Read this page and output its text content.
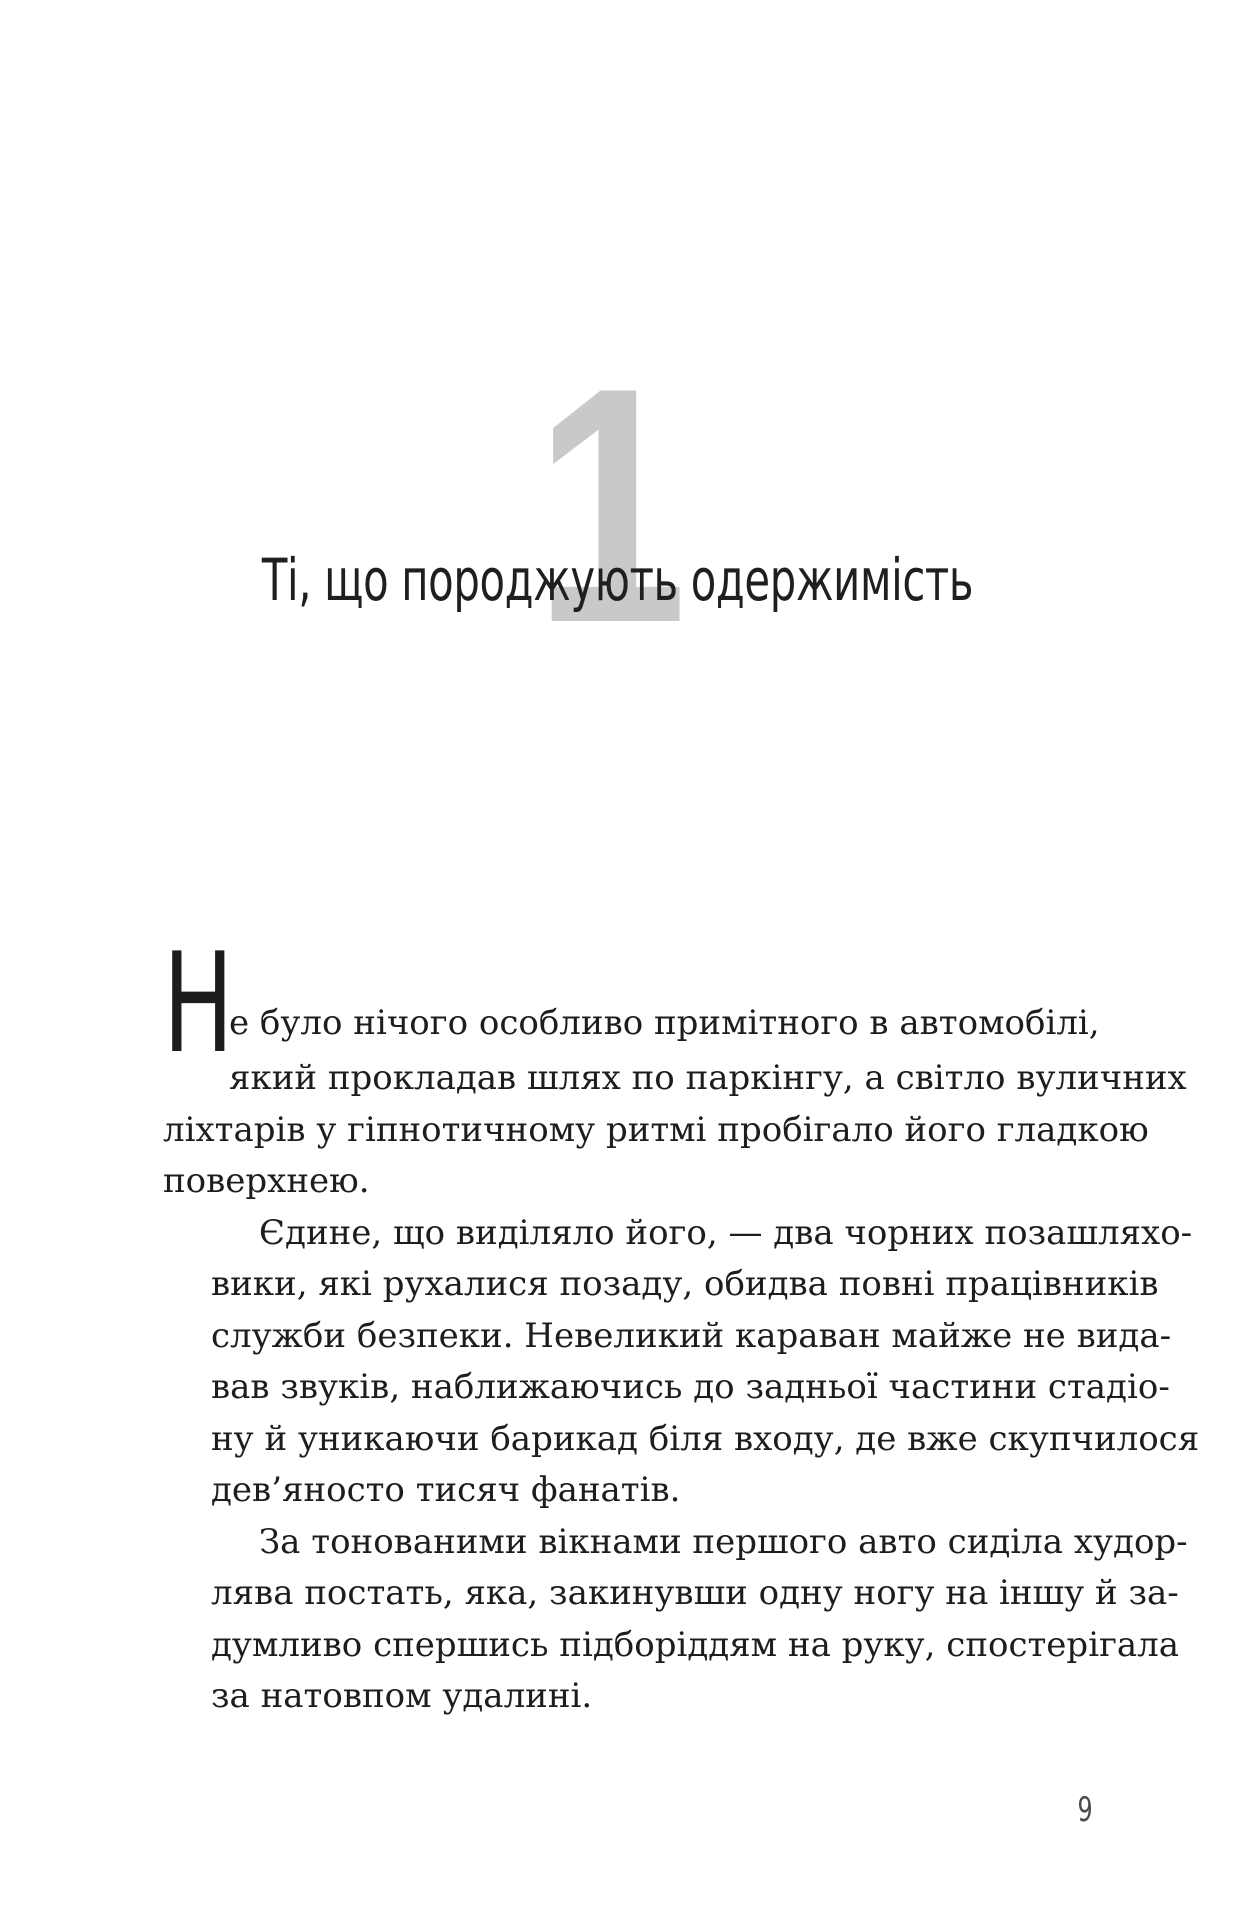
1
Ті, що породжують одержимість
Н
е було нічого особливо примітного в автомобілі,
який прокладав шлях по паркінгу, а світло вуличних
ліхтарів у гіпнотичному ритмі пробігало його гладкою
поверхнею.
Єдине, що виділяло його, — два чорних позашляхо-
вики, які рухалися позаду, обидва повні працівників
служби безпеки. Невеликий караван майже не вида-
вав звуків, наближаючись до задньої частини стадіо-
ну й уникаючи барикад біля входу, де вже скупчилося
дев’яносто тисяч фанатів.
За тонованими вікнами першого авто сиділа худор-
лява постать, яка, закинувши одну ногу на іншу й за-
думливо спершись підборіддям на руку, спостерігала
за натовпом удалині.
9
